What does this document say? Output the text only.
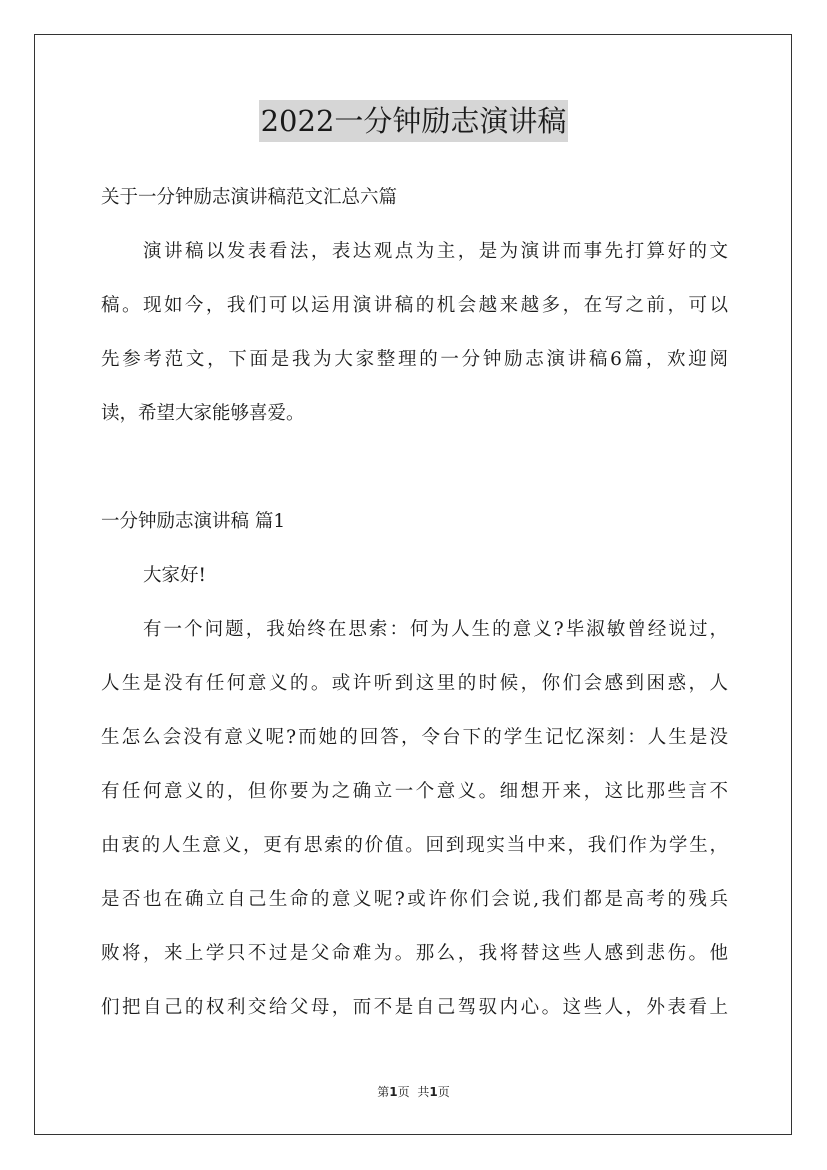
2022一分钟励志演讲稿
关于一分钟励志演讲稿范文汇总六篇
演讲稿以发表看法，表达观点为主，是为演讲而事先打算好的文
稿。现如今，我们可以运用演讲稿的机会越来越多，在写之前，可以
先参考范文，下面是我为大家整理的一分钟励志演讲稿6篇，欢迎阅
读，希望大家能够喜爱。
一分钟励志演讲稿 篇1
大家好!
有一个问题，我始终在思索：何为人生的意义?毕淑敏曾经说过，
人生是没有任何意义的。或许听到这里的时候，你们会感到困惑，人
生怎么会没有意义呢?而她的回答，令台下的学生记忆深刻：人生是没
有任何意义的，但你要为之确立一个意义。细想开来，这比那些言不
由衷的人生意义，更有思索的价值。回到现实当中来，我们作为学生，
是否也在确立自己生命的意义呢?或许你们会说,我们都是高考的残兵
败将，来上学只不过是父命难为。那么，我将替这些人感到悲伤。他
们把自己的权利交给父母，而不是自己驾驭内心。这些人，外表看上
第1页 共1页
